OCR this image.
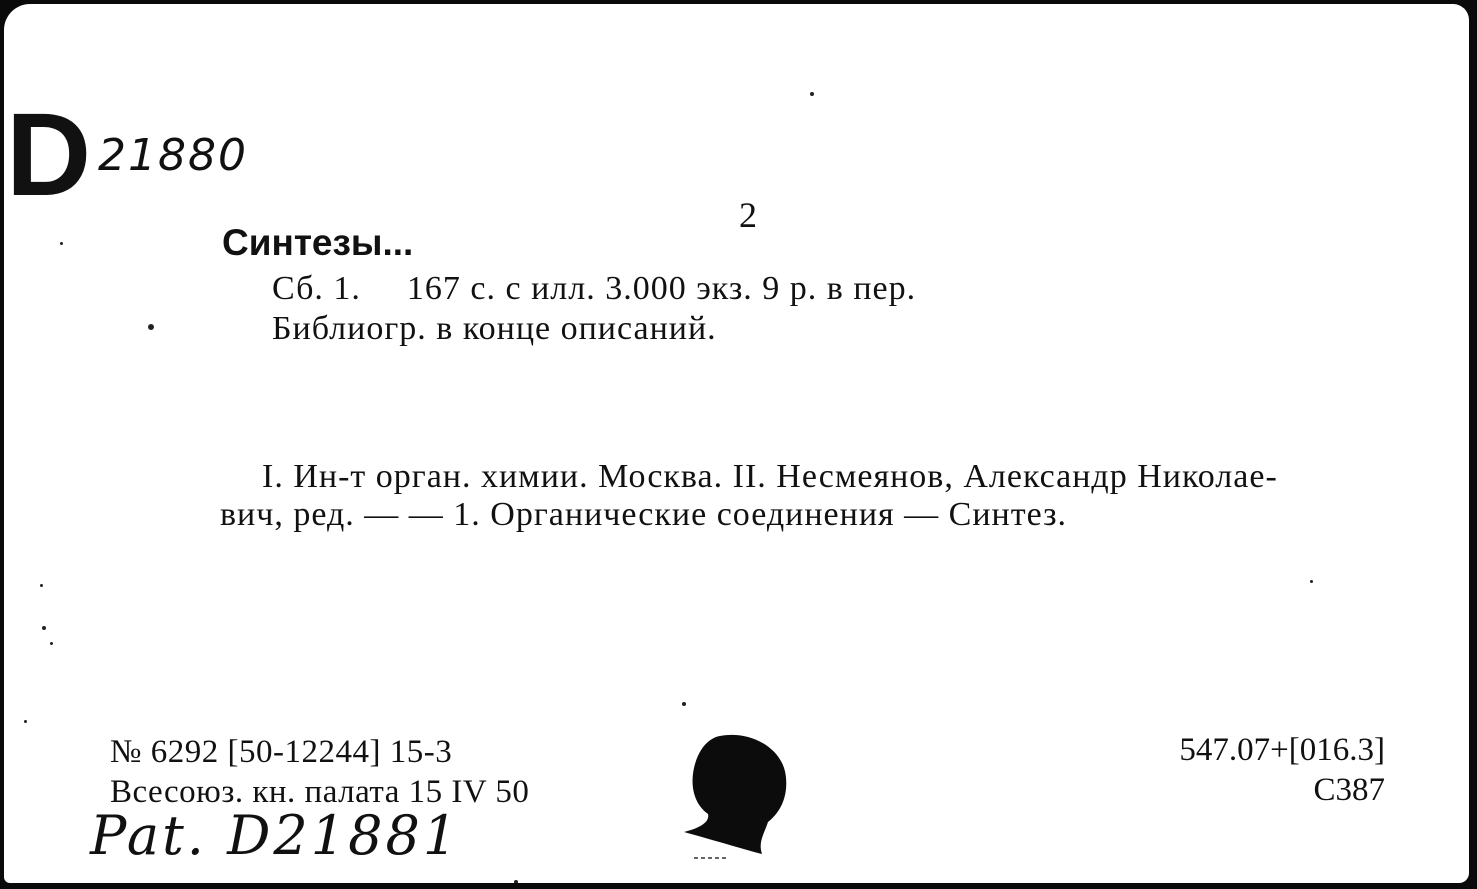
D 21880
2
Синтезы...
Сб. 1. 167 с. с илл. 3.000 экз. 9 р. в пер.
Библиогр. в конце описаний.
I. Ин-т орган. химии. Москва. II. Несмеянов, Александр Николае-
вич, ред. — — 1. Органические соединения — Синтез.
№ 6292 [50-12244] 15-3
Всесоюз. кн. палата 15 IV 50
547.07+[016.3]
С387
Pat. D21881
